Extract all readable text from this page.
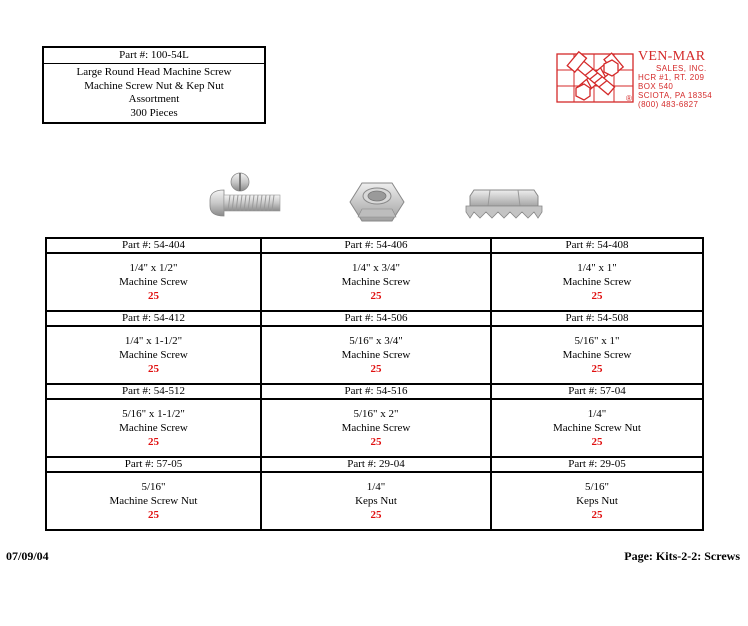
Part #: 100-54L
Large Round Head Machine Screw
Machine Screw Nut & Kep Nut
Assortment
300 Pieces
VEN-MAR
SALES, INC.
HCR #1, RT. 209
BOX 540
SCIOTA, PA 18354
(800) 483-6827
®
Part #: 54-404	Part #: 54-406	Part #: 54-408

1/4" x 1/2"
Machine Screw
25	1/4" x 3/4"
Machine Screw
25	1/4" x 1"
Machine Screw
25

Part #: 54-412	Part #: 54-506	Part #: 54-508

1/4" x 1-1/2"
Machine Screw
25	5/16" x 3/4"
Machine Screw
25	5/16" x 1"
Machine Screw
25

Part #: 54-512	Part #: 54-516	Part #: 57-04

5/16" x 1-1/2"
Machine Screw
25	5/16" x 2"
Machine Screw
25	1/4"
Machine Screw Nut
25

Part #: 57-05	Part #: 29-04	Part #: 29-05

5/16"
Machine Screw Nut
25	1/4"
Keps Nut
25	5/16"
Keps Nut
25
07/09/04	Page: Kits-2-2: Screws
